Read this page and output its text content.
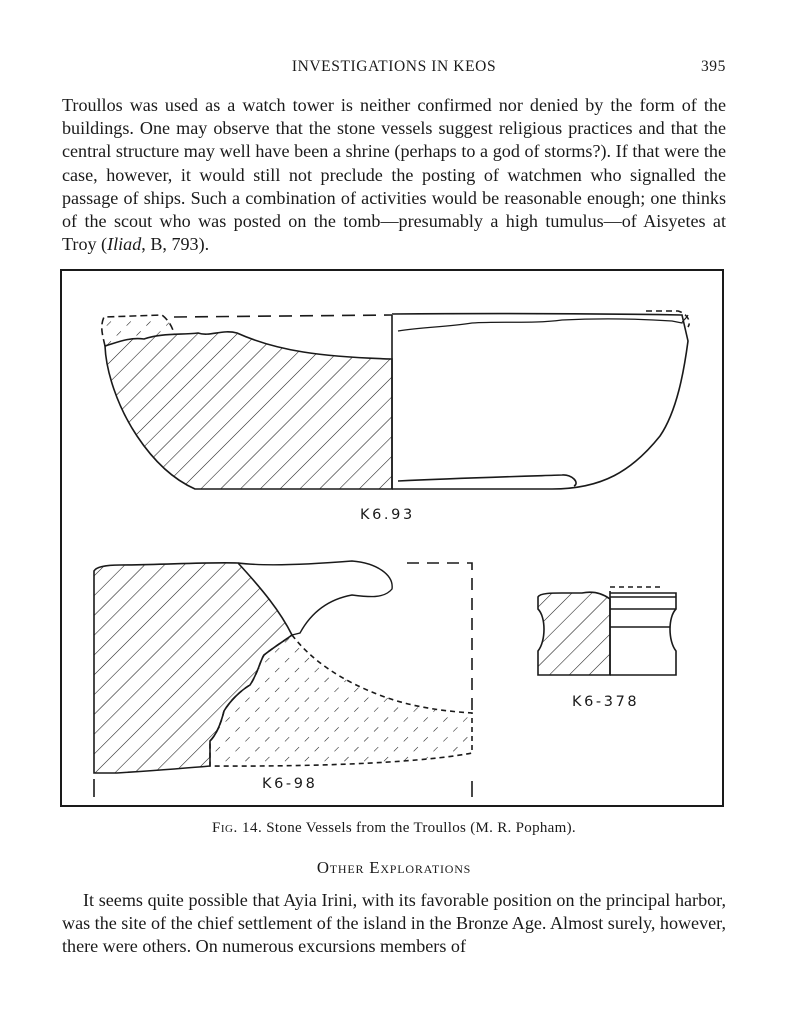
INVESTIGATIONS IN KEOS	395

Troullos was used as a watch tower is neither confirmed nor denied by the form of the buildings. One may observe that the stone vessels suggest religious practices and that the central structure may well have been a shrine (perhaps to a god of storms?). If that were the case, however, it would still not preclude the posting of watchmen who signalled the passage of ships. Such a combination of activities would be reasonable enough; one thinks of the scout who was posted on the tomb—presumably a high tumulus—of Aisyetes at Troy (Iliad, B, 793).

K6.93
K6-98
K6-378
Fig. 14. Stone Vessels from the Troullos (M. R. Popham).
Other Explorations

It seems quite possible that Ayia Irini, with its favorable position on the principal harbor, was the site of the chief settlement of the island in the Bronze Age. Almost surely, however, there were others. On numerous excursions members of
